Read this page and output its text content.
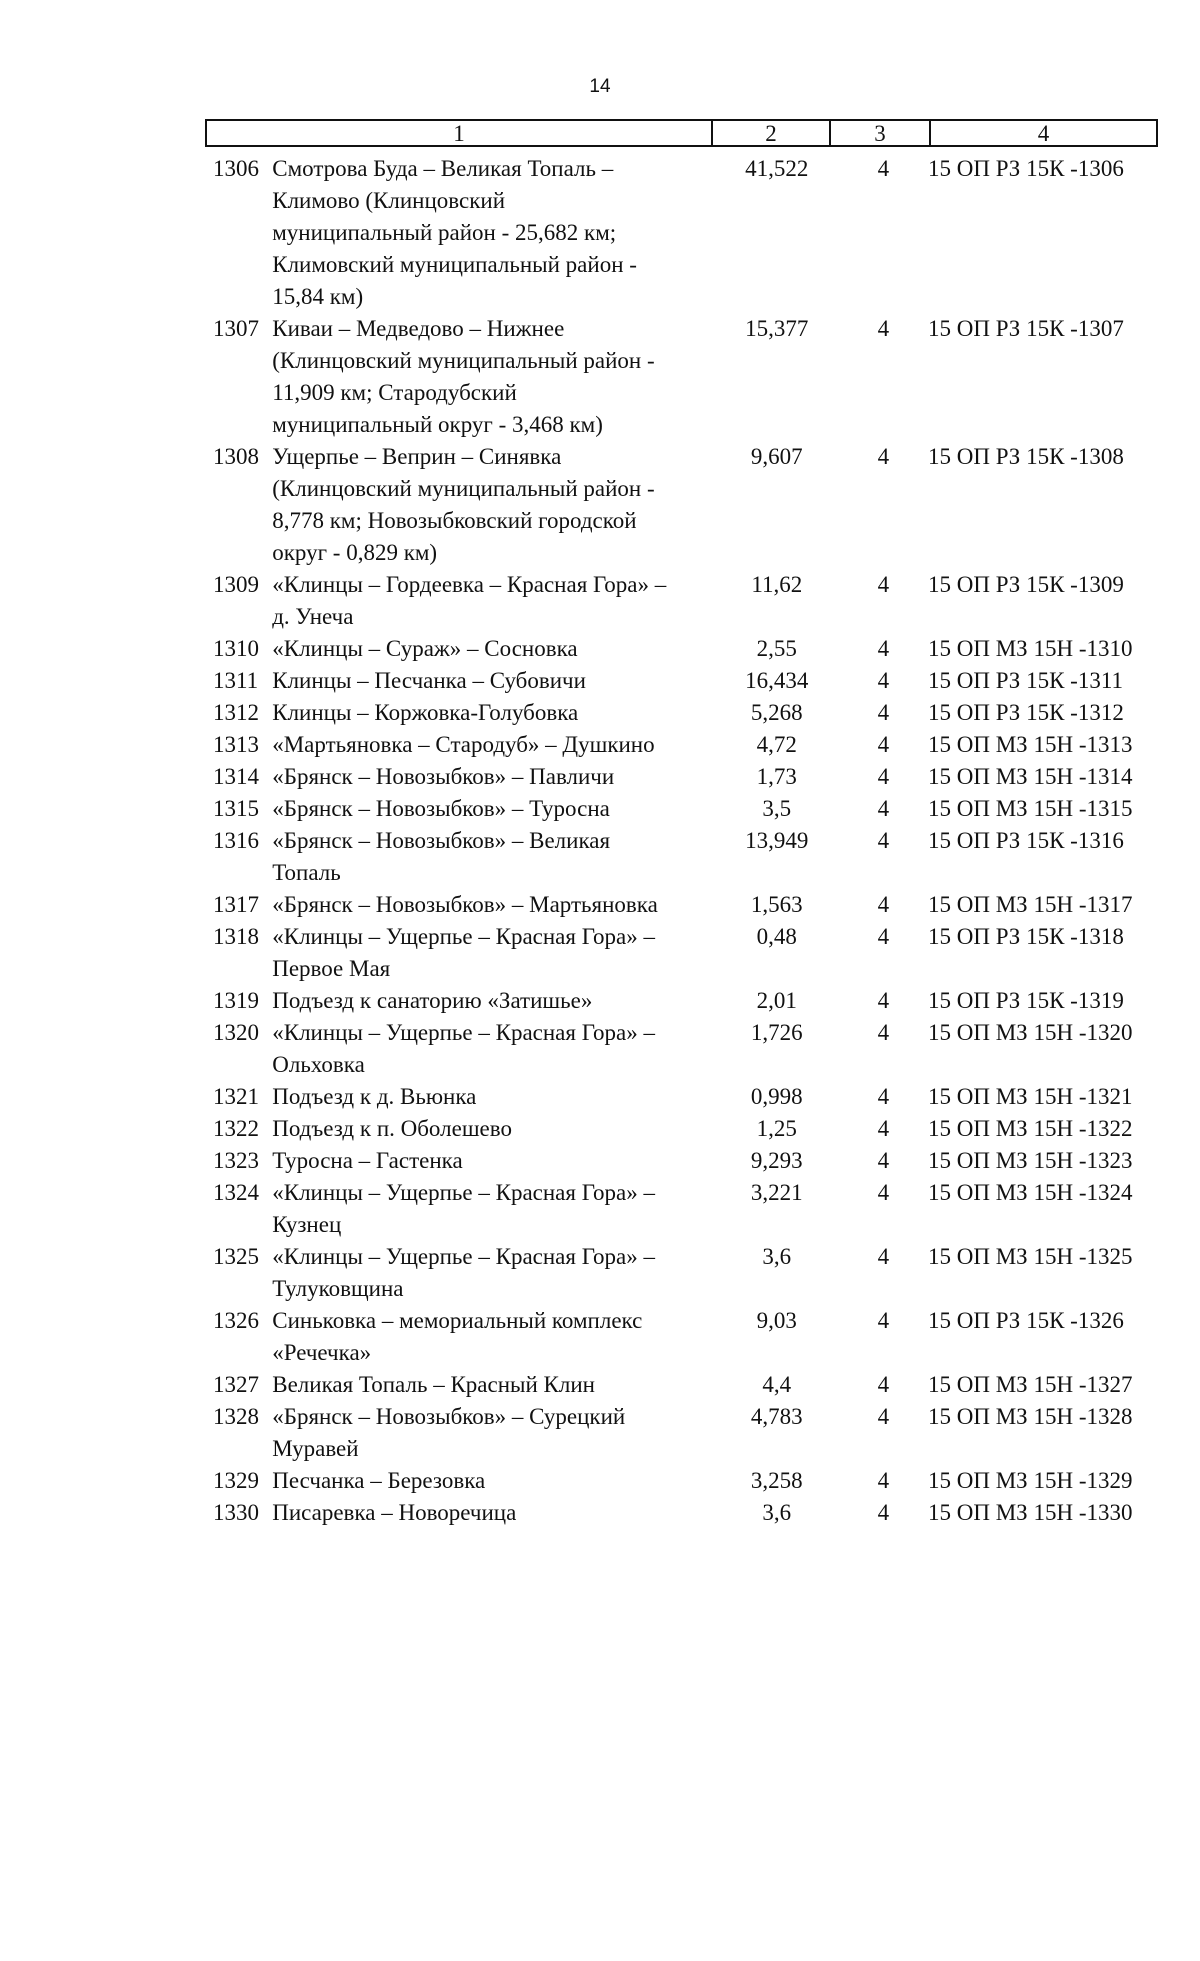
14
1	2	3	4
1306 Смотрова Буда – Великая Топаль –
Климово (Клинцовский
муниципальный район - 25,682 км;
Климовский муниципальный район -
15,84 км)
41,522	4	15 ОП РЗ 15К -1306
1307 Киваи – Медведово – Нижнее
(Клинцовский муниципальный район -
11,909 км; Стародубский
муниципальный округ - 3,468 км)
15,377	4	15 ОП РЗ 15К -1307
1308 Ущерпье – Веприн – Синявка
(Клинцовский муниципальный район -
8,778 км; Новозыбковский городской
округ - 0,829 км)
9,607	4	15 ОП РЗ 15К -1308
1309 «Клинцы – Гордеевка – Красная Гора» –
д. Унеча
11,62	4	15 ОП РЗ 15К -1309
1310 «Клинцы – Сураж» – Сосновка	2,55	4	15 ОП МЗ 15Н -1310
1311 Клинцы – Песчанка – Субовичи	16,434	4	15 ОП РЗ 15К -1311
1312 Клинцы – Коржовка-Голубовка	5,268	4	15 ОП РЗ 15К -1312
1313 «Мартьяновка – Стародуб» – Душкино	4,72	4	15 ОП МЗ 15Н -1313
1314 «Брянск – Новозыбков» – Павличи	1,73	4	15 ОП МЗ 15Н -1314
1315 «Брянск – Новозыбков» – Туросна	3,5	4	15 ОП МЗ 15Н -1315
1316 «Брянск – Новозыбков» – Великая
Топаль
13,949	4	15 ОП РЗ 15К -1316
1317 «Брянск – Новозыбков» – Мартьяновка	1,563	4	15 ОП МЗ 15Н -1317
1318 «Клинцы – Ущерпье – Красная Гора» –
Первое Мая
0,48	4	15 ОП РЗ 15К -1318
1319 Подъезд к санаторию «Затишье»	2,01	4	15 ОП РЗ 15К -1319
1320 «Клинцы – Ущерпье – Красная Гора» –
Ольховка
1,726	4	15 ОП МЗ 15Н -1320
1321 Подъезд к д. Вьюнка	0,998	4	15 ОП МЗ 15Н -1321
1322 Подъезд к п. Оболешево	1,25	4	15 ОП МЗ 15Н -1322
1323 Туросна – Гастенка	9,293	4	15 ОП МЗ 15Н -1323
1324 «Клинцы – Ущерпье – Красная Гора» –
Кузнец
3,221	4	15 ОП МЗ 15Н -1324
1325 «Клинцы – Ущерпье – Красная Гора» –
Тулуковщина
3,6	4	15 ОП МЗ 15Н -1325
1326 Синьковка – мемориальный комплекс
«Речечка»
9,03	4	15 ОП РЗ 15К -1326
1327 Великая Топаль – Красный Клин	4,4	4	15 ОП МЗ 15Н -1327
1328 «Брянск – Новозыбков» – Сурецкий
Муравей
4,783	4	15 ОП МЗ 15Н -1328
1329 Песчанка – Березовка	3,258	4	15 ОП МЗ 15Н -1329
1330 Писаревка – Новоречица	3,6	4	15 ОП МЗ 15Н -1330
